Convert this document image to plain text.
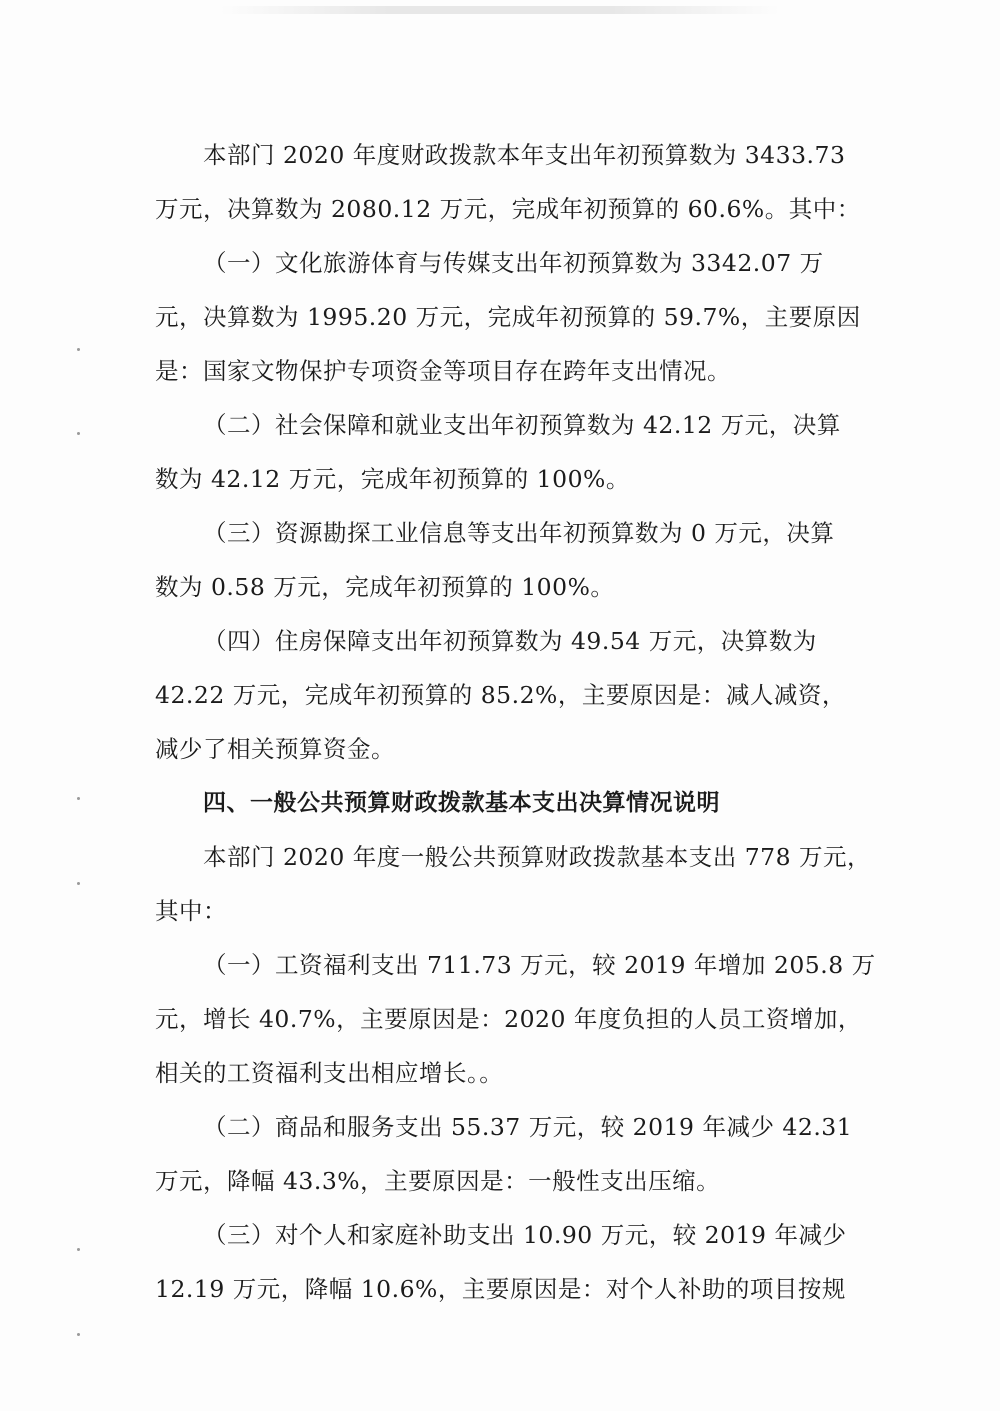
本部门 2020 年度财政拨款本年支出年初预算数为 3433.73
万元，决算数为 2080.12 万元，完成年初预算的 60.6%。其中：
（一）文化旅游体育与传媒支出年初预算数为 3342.07 万
元，决算数为 1995.20 万元，完成年初预算的 59.7%，主要原因
是：国家文物保护专项资金等项目存在跨年支出情况。
（二）社会保障和就业支出年初预算数为 42.12 万元，决算
数为 42.12 万元，完成年初预算的 100%。
（三）资源勘探工业信息等支出年初预算数为 0 万元，决算
数为 0.58 万元，完成年初预算的 100%。
（四）住房保障支出年初预算数为 49.54 万元，决算数为
42.22 万元，完成年初预算的 85.2%，主要原因是：减人减资，
减少了相关预算资金。
四、一般公共预算财政拨款基本支出决算情况说明
本部门 2020 年度一般公共预算财政拨款基本支出 778 万元，
其中：
（一）工资福利支出 711.73 万元，较 2019 年增加 205.8 万
元，增长 40.7%，主要原因是：2020 年度负担的人员工资增加，
相关的工资福利支出相应增长。。
（二）商品和服务支出 55.37 万元，较 2019 年减少 42.31
万元，降幅 43.3%，主要原因是：一般性支出压缩。
（三）对个人和家庭补助支出 10.90 万元，较 2019 年减少
12.19 万元，降幅 10.6%，主要原因是：对个人补助的项目按规
